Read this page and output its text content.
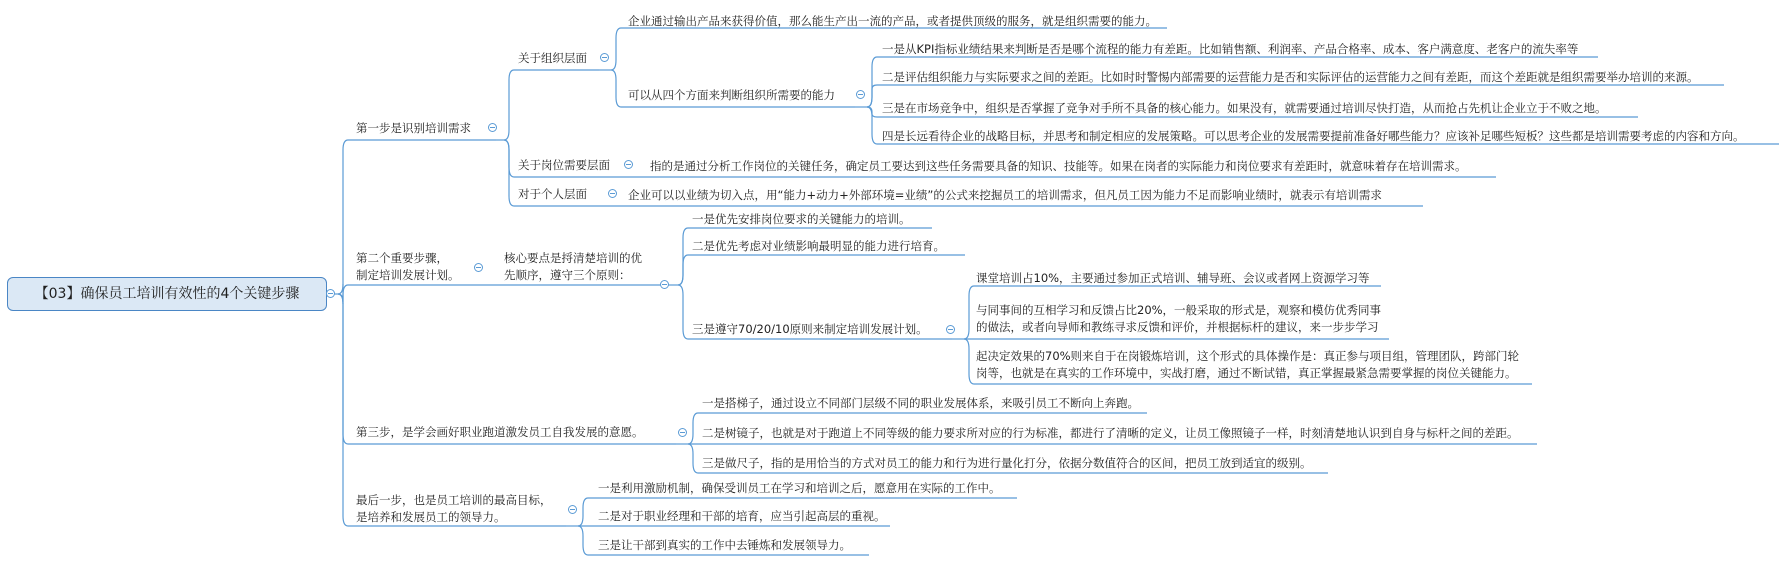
【03】确保员工培训有效性的4个关键步骤
第一步是识别培训需求
关于组织层面
企业通过输出产品来获得价值，那么能生产出一流的产品，或者提供顶级的服务，就是组织需要的能力。
可以从四个方面来判断组织所需要的能力
一是从KPI指标业绩结果来判断是否是哪个流程的能力有差距。比如销售额、利润率、产品合格率、成本、客户满意度、老客户的流失率等
二是评估组织能力与实际要求之间的差距。比如时时警惕内部需要的运营能力是否和实际评估的运营能力之间有差距，而这个差距就是组织需要举办培训的来源。
三是在市场竞争中，组织是否掌握了竞争对手所不具备的核心能力。如果没有，就需要通过培训尽快打造，从而抢占先机让企业立于不败之地。
四是长远看待企业的战略目标，并思考和制定相应的发展策略。可以思考企业的发展需要提前准备好哪些能力？应该补足哪些短板？这些都是培训需要考虑的内容和方向。
关于岗位需要层面	指的是通过分析工作岗位的关键任务，确定员工要达到这些任务需要具备的知识、技能等。如果在岗者的实际能力和岗位要求有差距时，就意味着存在培训需求。
对于个人层面	企业可以以业绩为切入点，用“能力+动力+外部环境=业绩”的公式来挖掘员工的培训需求，但凡员工因为能力不足而影响业绩时，就表示有培训需求
第二个重要步骤，
制定培训发展计划。
核心要点是捋清楚培训的优
先顺序，遵守三个原则：
一是优先安排岗位要求的关键能力的培训。
二是优先考虑对业绩影响最明显的能力进行培育。
三是遵守70/20/10原则来制定培训发展计划。
课堂培训占10%，主要通过参加正式培训、辅导班、会议或者网上资源学习等
与同事间的互相学习和反馈占比20%，一般采取的形式是，观察和模仿优秀同事的做法，或者向导师和教练寻求反馈和评价，并根据标杆的建议，来一步步学习
起决定效果的70%则来自于在岗锻炼培训，这个形式的具体操作是：真正参与项目组，管理团队，跨部门轮岗等，也就是在真实的工作环境中，实战打磨，通过不断试错，真正掌握最紧急需要掌握的岗位关键能力。
第三步，是学会画好职业跑道激发员工自我发展的意愿。
一是搭梯子，通过设立不同部门层级不同的职业发展体系，来吸引员工不断向上奔跑。
二是树镜子，也就是对于跑道上不同等级的能力要求所对应的行为标准，都进行了清晰的定义，让员工像照镜子一样，时刻清楚地认识到自身与标杆之间的差距。
三是做尺子，指的是用恰当的方式对员工的能力和行为进行量化打分，依据分数值符合的区间，把员工放到适宜的级别。
最后一步，也是员工培训的最高目标，
是培养和发展员工的领导力。
一是利用激励机制，确保受训员工在学习和培训之后，愿意用在实际的工作中。
二是对于职业经理和干部的培育，应当引起高层的重视。
三是让干部到真实的工作中去锤炼和发展领导力。
